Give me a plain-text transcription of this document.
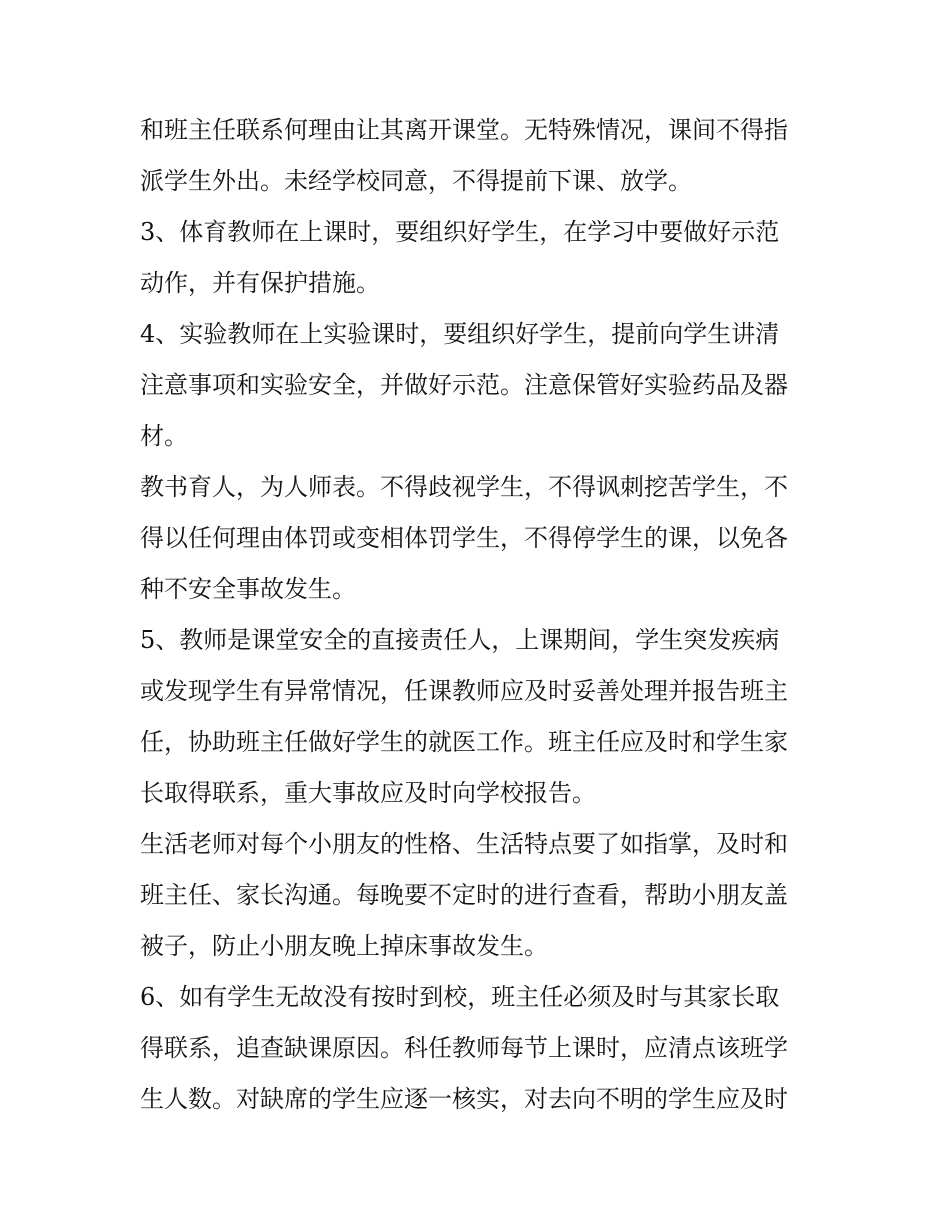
和班主任联系何理由让其离开课堂。无特殊情况，课间不得指
派学生外出。未经学校同意，不得提前下课、放学。
3、体育教师在上课时，要组织好学生，在学习中要做好示范
动作，并有保护措施。
4、实验教师在上实验课时，要组织好学生，提前向学生讲清
注意事项和实验安全，并做好示范。注意保管好实验药品及器
材。
教书育人，为人师表。不得歧视学生，不得讽刺挖苦学生，不
得以任何理由体罚或变相体罚学生，不得停学生的课，以免各
种不安全事故发生。
5、教师是课堂安全的直接责任人，上课期间，学生突发疾病
或发现学生有异常情况，任课教师应及时妥善处理并报告班主
任，协助班主任做好学生的就医工作。班主任应及时和学生家
长取得联系，重大事故应及时向学校报告。
生活老师对每个小朋友的性格、生活特点要了如指掌，及时和
班主任、家长沟通。每晚要不定时的进行查看，帮助小朋友盖
被子，防止小朋友晚上掉床事故发生。
6、如有学生无故没有按时到校，班主任必须及时与其家长取
得联系，追查缺课原因。科任教师每节上课时，应清点该班学
生人数。对缺席的学生应逐一核实，对去向不明的学生应及时
